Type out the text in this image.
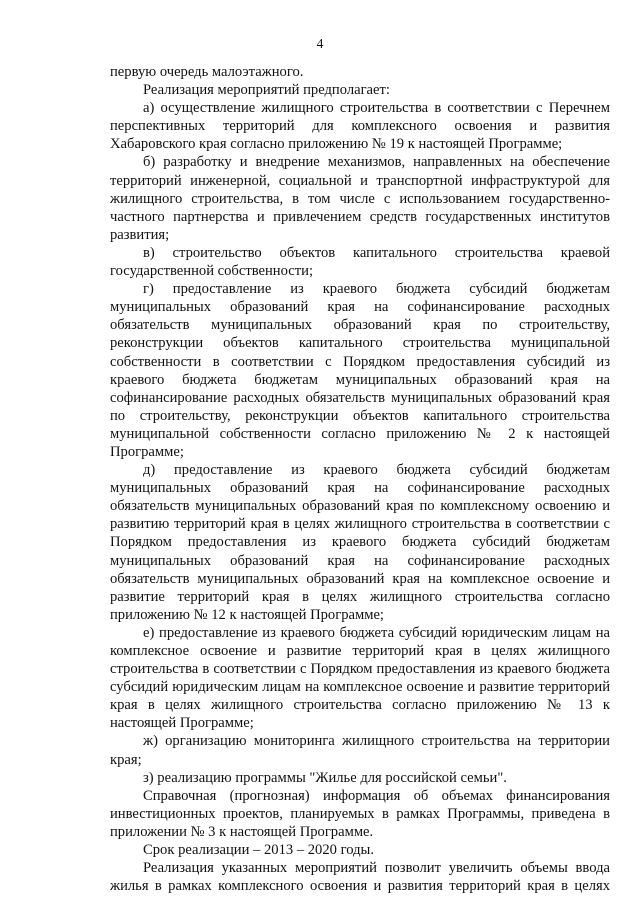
4

первую очередь малоэтажного.

Реализация мероприятий предполагает:

а) осуществление жилищного строительства в соответствии с Перечнем перспективных территорий для комплексного освоения и развития Хабаровского края согласно приложению № 19 к настоящей Программе;

б) разработку и внедрение механизмов, направленных на обеспечение территорий инженерной, социальной и транспортной инфраструктурой для жилищного строительства, в том числе с использованием государственно-частного партнерства и привлечением средств государственных институтов развития;

в) строительство объектов капитального строительства краевой государственной собственности;

г) предоставление из краевого бюджета субсидий бюджетам муниципальных образований края на софинансирование расходных обязательств муниципальных образований края по строительству, реконструкции объектов капитального строительства муниципальной собственности в соответствии с Порядком предоставления субсидий из краевого бюджета бюджетам муниципальных образований края на софинансирование расходных обязательств муниципальных образований края по строительству, реконструкции объектов капитального строительства муниципальной собственности согласно приложению № 2 к настоящей Программе;

д) предоставление из краевого бюджета субсидий бюджетам муниципальных образований края на софинансирование расходных обязательств муниципальных образований края по комплексному освоению и развитию территорий края в целях жилищного строительства в соответствии с Порядком предоставления из краевого бюджета субсидий бюджетам муниципальных образований края на софинансирование расходных обязательств муниципальных образований края на комплексное освоение и развитие территорий края в целях жилищного строительства согласно приложению № 12 к настоящей Программе;

е) предоставление из краевого бюджета субсидий юридическим лицам на комплексное освоение и развитие территорий края в целях жилищного строительства в соответствии с Порядком предоставления из краевого бюджета субсидий юридическим лицам на комплексное освоение и развитие территорий края в целях жилищного строительства согласно приложению № 13 к настоящей Программе;

ж) организацию мониторинга жилищного строительства на территории края;

з) реализацию программы "Жилье для российской семьи".

Справочная (прогнозная) информация об объемах финансирования инвестиционных проектов, планируемых в рамках Программы, приведена в приложении № 3 к настоящей Программе.

Срок реализации – 2013 – 2020 годы.

Реализация указанных мероприятий позволит увеличить объемы ввода жилья в рамках комплексного освоения и развития территорий края в целях
